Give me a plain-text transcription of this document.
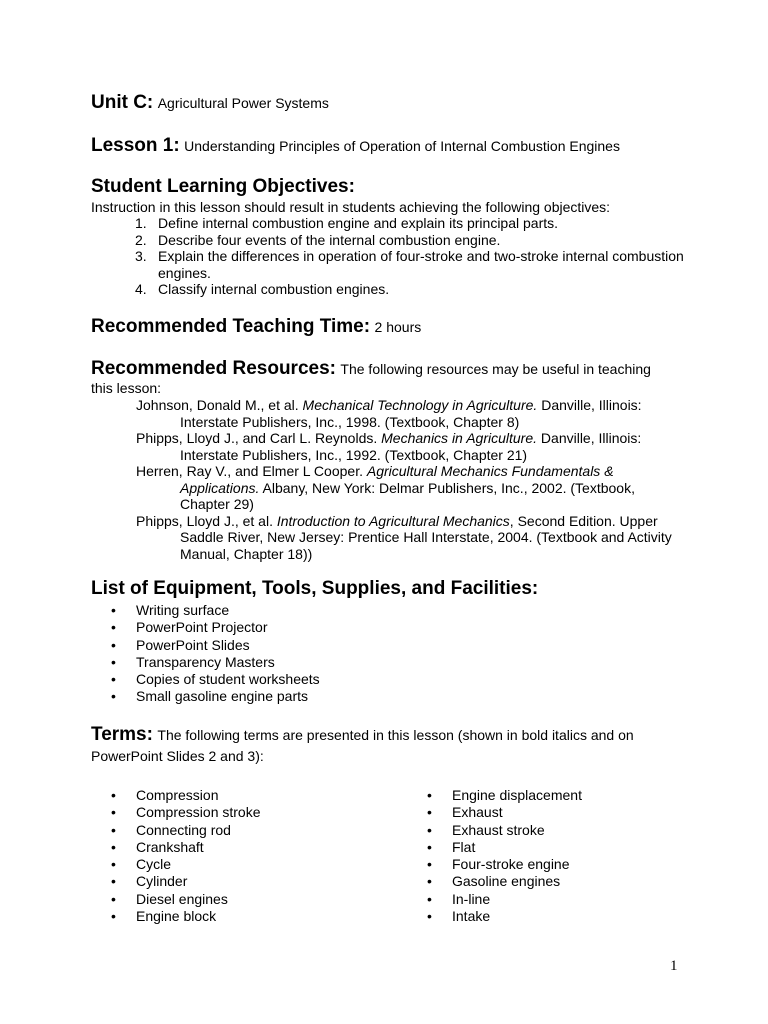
Unit C: Agricultural Power Systems
Lesson 1: Understanding Principles of Operation of Internal Combustion Engines
Student Learning Objectives:
Instruction in this lesson should result in students achieving the following objectives:
1. Define internal combustion engine and explain its principal parts.
2. Describe four events of the internal combustion engine.
3. Explain the differences in operation of four-stroke and two-stroke internal combustion engines.
4. Classify internal combustion engines.
Recommended Teaching Time: 2 hours
Recommended Resources: The following resources may be useful in teaching
this lesson:
Johnson, Donald M., et al. Mechanical Technology in Agriculture. Danville, Illinois: Interstate Publishers, Inc., 1998. (Textbook, Chapter 8)
Phipps, Lloyd J., and Carl L. Reynolds. Mechanics in Agriculture. Danville, Illinois: Interstate Publishers, Inc., 1992. (Textbook, Chapter 21)
Herren, Ray V., and Elmer L Cooper. Agricultural Mechanics Fundamentals & Applications. Albany, New York: Delmar Publishers, Inc., 2002. (Textbook, Chapter 29)
Phipps, Lloyd J., et al. Introduction to Agricultural Mechanics, Second Edition. Upper Saddle River, New Jersey: Prentice Hall Interstate, 2004. (Textbook and Activity Manual, Chapter 18))
List of Equipment, Tools, Supplies, and Facilities:
• Writing surface
• PowerPoint Projector
• PowerPoint Slides
• Transparency Masters
• Copies of student worksheets
• Small gasoline engine parts
Terms: The following terms are presented in this lesson (shown in bold italics and on
PowerPoint Slides 2 and 3):
• Compression
• Compression stroke
• Connecting rod
• Crankshaft
• Cycle
• Cylinder
• Diesel engines
• Engine block
• Engine displacement
• Exhaust
• Exhaust stroke
• Flat
• Four-stroke engine
• Gasoline engines
• In-line
• Intake
1
